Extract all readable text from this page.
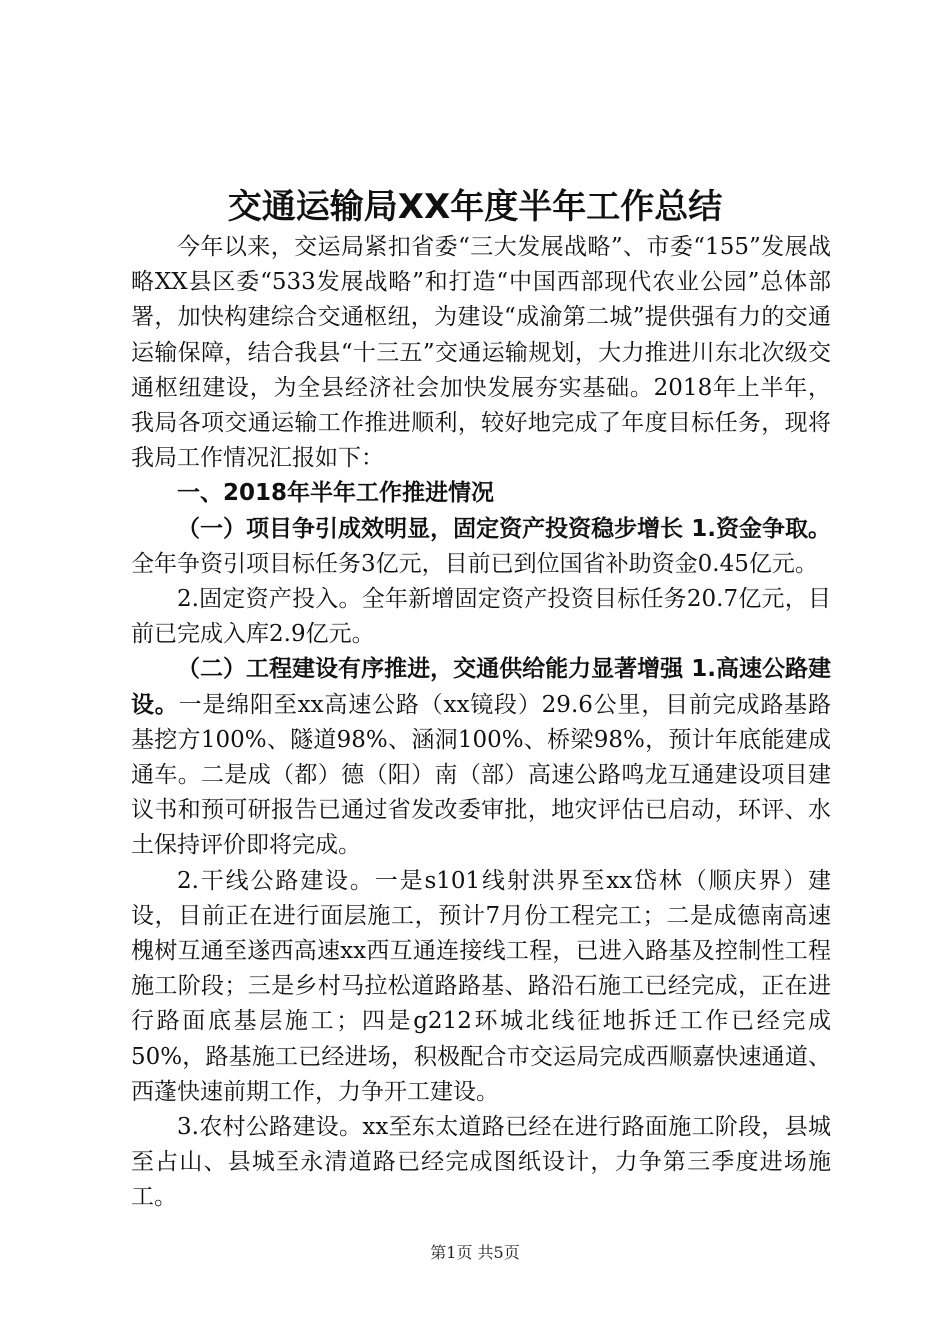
交通运输局XX年度半年工作总结

今年以来，交运局紧扣省委“三大发展战略”、市委“155”发展战略XX县区委“533发展战略”和打造“中国西部现代农业公园”总体部署，加快构建综合交通枢纽，为建设“成渝第二城”提供强有力的交通运输保障，结合我县“十三五”交通运输规划，大力推进川东北次级交通枢纽建设，为全县经济社会加快发展夯实基础。2018年上半年，我局各项交通运输工作推进顺利，较好地完成了年度目标任务，现将我局工作情况汇报如下：

一、2018年半年工作推进情况

（一）项目争引成效明显，固定资产投资稳步增长 1.资金争取。全年争资引项目标任务3亿元，目前已到位国省补助资金0.45亿元。

2.固定资产投入。全年新增固定资产投资目标任务20.7亿元，目前已完成入库2.9亿元。

（二）工程建设有序推进，交通供给能力显著增强 1.高速公路建设。一是绵阳至xx高速公路（xx镜段）29.6公里，目前完成路基路基挖方100%、隧道98%、涵洞100%、桥梁98%，预计年底能建成通车。二是成（都）德（阳）南（部）高速公路鸣龙互通建设项目建议书和预可研报告已通过省发改委审批，地灾评估已启动，环评、水土保持评价即将完成。

2.干线公路建设。一是s101线射洪界至xx岱林（顺庆界）建设，目前正在进行面层施工，预计7月份工程完工；二是成德南高速槐树互通至遂西高速xx西互通连接线工程，已进入路基及控制性工程施工阶段；三是乡村马拉松道路路基、路沿石施工已经完成，正在进行路面底基层施工；四是g212环城北线征地拆迁工作已经完成50%，路基施工已经进场，积极配合市交运局完成西顺嘉快速通道、西蓬快速前期工作，力争开工建设。

3.农村公路建设。xx至东太道路已经在进行路面施工阶段，县城至占山、县城至永清道路已经完成图纸设计，力争第三季度进场施工。

第1页 共5页
